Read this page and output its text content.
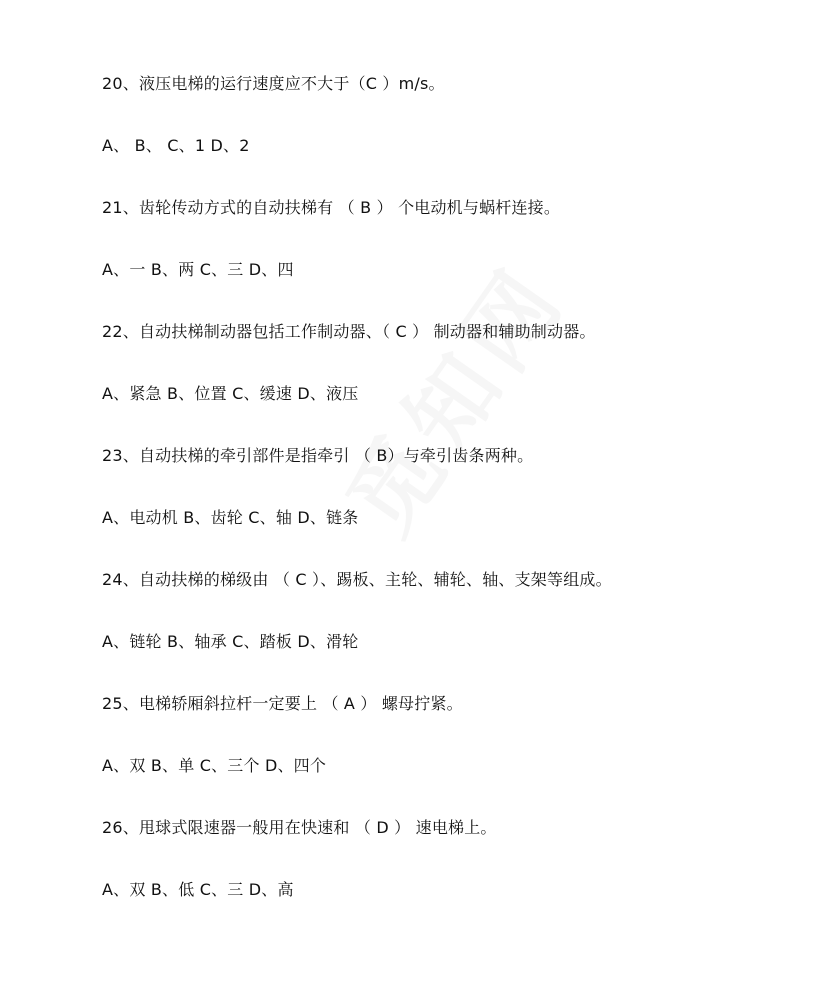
20、液压电梯的运行速度应不大于（C ）m/s。
A、 B、 C、1 D、2
21、齿轮传动方式的自动扶梯有 （ B ） 个电动机与蜗杆连接。
A、一 B、两 C、三 D、四
22、自动扶梯制动器包括工作制动器、（ C ） 制动器和辅助制动器。
A、紧急 B、位置 C、缓速 D、液压
23、自动扶梯的牵引部件是指牵引 （ B）与牵引齿条两种。
A、电动机 B、齿轮 C、轴 D、链条
24、自动扶梯的梯级由 （ C ）、踢板、主轮、辅轮、轴、支架等组成。
A、链轮 B、轴承 C、踏板 D、滑轮
25、电梯轿厢斜拉杆一定要上 （ A ） 螺母拧紧。
A、双 B、单 C、三个 D、四个
26、甩球式限速器一般用在快速和 （ D ） 速电梯上。
A、双 B、低 C、三 D、高
